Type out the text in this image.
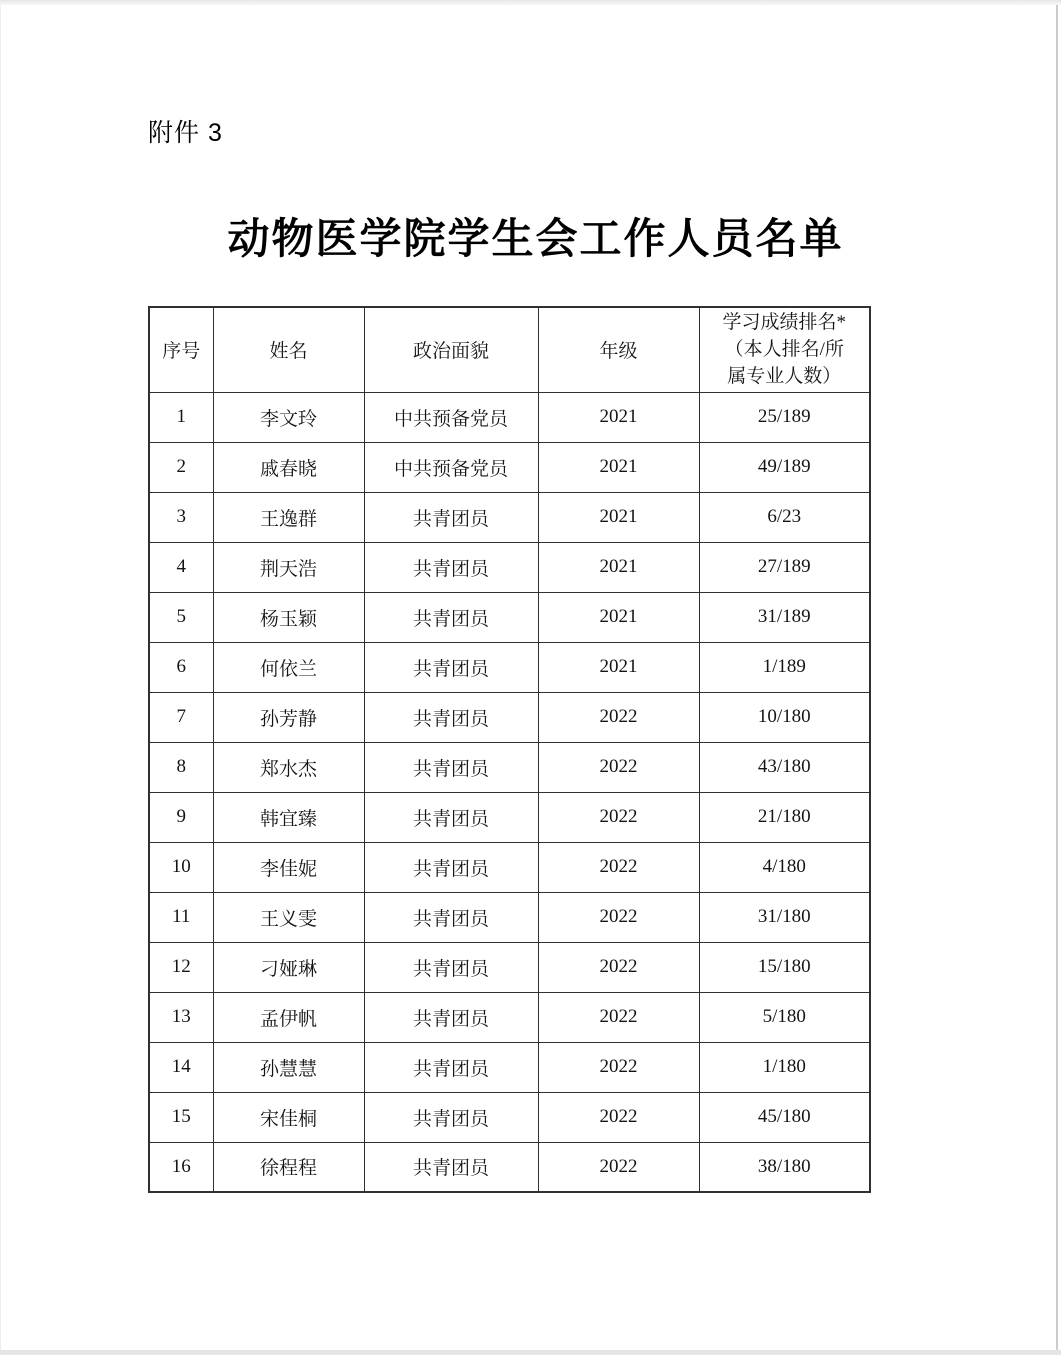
附件 3
动物医学院学生会工作人员名单
序号	姓名	政治面貌	年级	学习成绩排名*
（本人排名/所
属专业人数）

1	李文玲	中共预备党员	2021	25/189
2	戚春晓	中共预备党员	2021	49/189
3	王逸群	共青团员	2021	6/23
4	荆天浩	共青团员	2021	27/189
5	杨玉颖	共青团员	2021	31/189
6	何依兰	共青团员	2021	1/189
7	孙芳静	共青团员	2022	10/180
8	郑水杰	共青团员	2022	43/180
9	韩宜臻	共青团员	2022	21/180
10	李佳妮	共青团员	2022	4/180
11	王义雯	共青团员	2022	31/180
12	刁娅琳	共青团员	2022	15/180
13	孟伊帆	共青团员	2022	5/180
14	孙慧慧	共青团员	2022	1/180
15	宋佳桐	共青团员	2022	45/180
16	徐程程	共青团员	2022	38/180
